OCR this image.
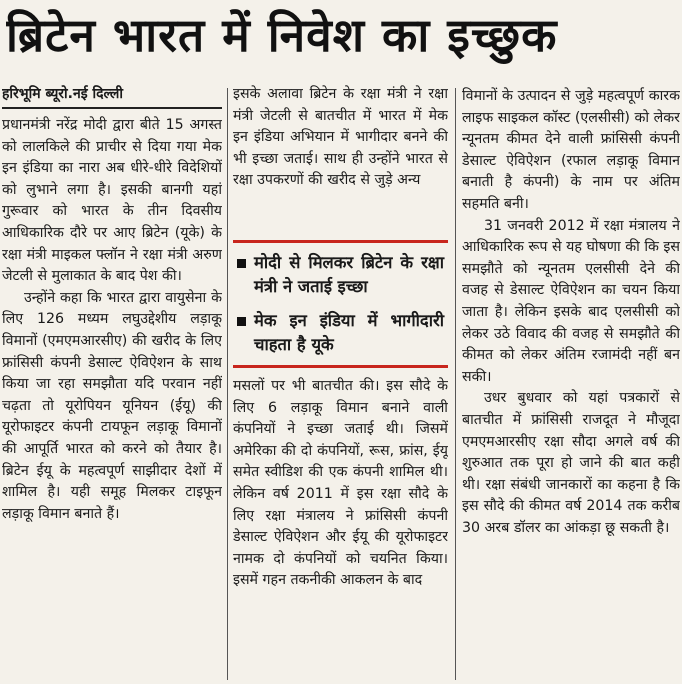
ब्रिटेन भारत में निवेश का इच्छुक
हरिभूमि ब्यूरो.नई दिल्ली

प्रधानमंत्री नरेंद्र मोदी द्वारा बीते 15 अगस्त को लालकिले की प्राचीर से दिया गया मेक इन इंडिया का नारा अब धीरे-धीरे विदेशियों को लुभाने लगा है। इसकी बानगी यहां गुरूवार को भारत के तीन दिवसीय आधिकारिक दौरे पर आए ब्रिटेन (यूके) के रक्षा मंत्री माइकल फ्लॉन ने रक्षा मंत्री अरुण जेटली से मुलाकात के बाद पेश की।

उन्होंने कहा कि भारत द्वारा वायुसेना के लिए 126 मध्यम लघुउद्देशीय लड़ाकू विमानों (एमएमआरसीए) की खरीद के लिए फ्रांसिसी कंपनी डेसाल्ट ऐविऐशन के साथ किया जा रहा समझौता यदि परवान नहीं चढ़ता तो यूरोपियन यूनियन (ईयू) की यूरोफाइटर कंपनी टायफून लड़ाकू विमानों की आपूर्ति भारत को करने को तैयार है। ब्रिटेन ईयू के महत्वपूर्ण साझीदार देशों में शामिल है। यही समूह मिलकर टाइफून लड़ाकू विमान बनाते हैं।

इसके अलावा ब्रिटेन के रक्षा मंत्री ने रक्षा मंत्री जेटली से बातचीत में भारत में मेक इन इंडिया अभियान में भागीदार बनने की भी इच्छा जताई। साथ ही उन्होंने भारत से रक्षा उपकरणों की खरीद से जुड़े अन्य

मोदी से मिलकर ब्रिटेन के रक्षा मंत्री ने जताई इच्छा
मेक इन इंडिया में भागीदारी चाहता है यूके

मसलों पर भी बातचीत की। इस सौदे के लिए 6 लड़ाकू विमान बनाने वाली कंपनियों ने इच्छा जताई थी। जिसमें अमेरिका की दो कंपनियों, रूस, फ्रांस, ईयू समेत स्वीडिश की एक कंपनी शामिल थी। लेकिन वर्ष 2011 में इस रक्षा सौदे के लिए रक्षा मंत्रालय ने फ्रांसिसी कंपनी डेसाल्ट ऐविऐशन और ईयू की यूरोफाइटर नामक दो कंपनियों को चयनित किया। इसमें गहन तकनीकी आकलन के बाद

विमानों के उत्पादन से जुड़े महत्वपूर्ण कारक लाइफ साइकल कॉस्ट (एलसीसी) को लेकर न्यूनतम कीमत देने वाली फ्रांसिसी कंपनी डेसाल्ट ऐविऐशन (रफाल लड़ाकू विमान बनाती है कंपनी) के नाम पर अंतिम सहमति बनी।

31 जनवरी 2012 में रक्षा मंत्रालय ने आधिकारिक रूप से यह घोषणा की कि इस समझौते को न्यूनतम एलसीसी देने की वजह से डेसाल्ट ऐविऐशन का चयन किया जाता है। लेकिन इसके बाद एलसीसी को लेकर उठे विवाद की वजह से समझौते की कीमत को लेकर अंतिम रजामंदी नहीं बन सकी।

उधर बुधवार को यहां पत्रकारों से बातचीत में फ्रांसिसी राजदूत ने मौजूदा एमएमआरसीए रक्षा सौदा अगले वर्ष की शुरुआत तक पूरा हो जाने की बात कही थी। रक्षा संबंधी जानकारों का कहना है कि इस सौदे की कीमत वर्ष 2014 तक करीब 30 अरब डॉलर का आंकड़ा छू सकती है।
